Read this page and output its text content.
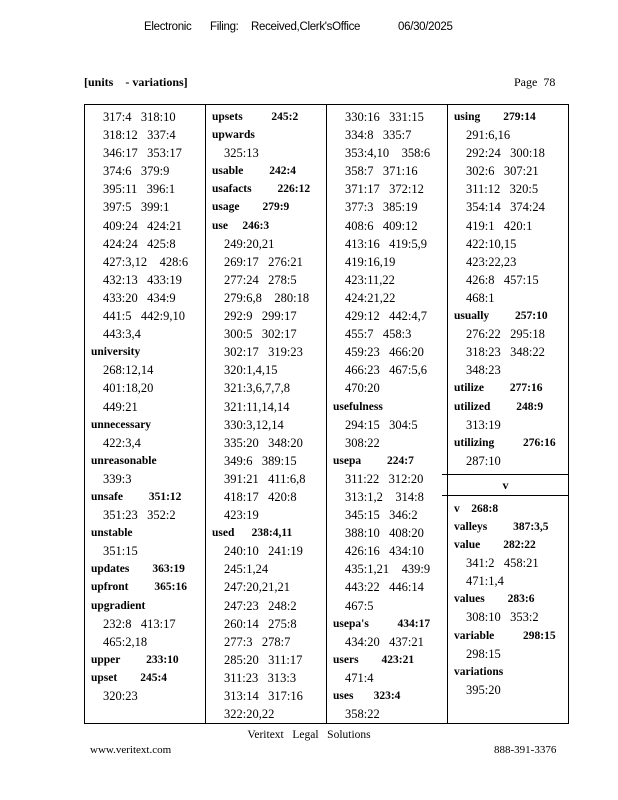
Electronic Filing: Received,Clerk'sOffice	06/30/2025
[units    - variations]	Page  78
317:4   318:10
318:12   337:4
346:17   353:17
374:6   379:9
395:11   396:1
397:5   399:1
409:24   424:21
424:24   425:8
427:3,12    428:6
432:13   433:19
433:20   434:9
441:5   442:9,10
443:3,4
university
268:12,14
401:18,20
449:21
unnecessary
422:3,4
unreasonable
339:3
unsafe         351:12
351:23   352:2
unstable
351:15
updates        363:19
upfront         365:16
upgradient
232:8   413:17
465:2,18
upper         233:10
upset        245:4
320:23
upsets          245:2
upwards
325:13
usable         242:4
usafacts         226:12
usage        279:9
use     246:3
249:20,21
269:17   276:21
277:24   278:5
279:6,8    280:18
292:9   299:17
300:5   302:17
302:17   319:23
320:1,4,15
321:3,6,7,7,8
321:11,14,14
330:3,12,14
335:20   348:20
349:6   389:15
391:21   411:6,8
418:17   420:8
423:19
used      238:4,11
240:10   241:19
245:1,24
247:20,21,21
247:23   248:2
260:14   275:8
277:3   278:7
285:20   311:17
311:23   313:3
313:14   317:16
322:20,22
330:16   331:15
334:8   335:7
353:4,10    358:6
358:7   371:16
371:17   372:12
377:3   385:19
408:6   409:12
413:16   419:5,9
419:16,19
423:11,22
424:21,22
429:12   442:4,7
455:7   458:3
459:23   466:20
466:23   467:5,6
470:20
usefulness
294:15   304:5
308:22
usepa         224:7
311:22   312:20
313:1,2    314:8
345:15   346:2
388:10   408:20
426:16   434:10
435:1,21    439:9
443:22   446:14
467:5
usepa's          434:17
434:20   437:21
users        423:21
471:4
uses       323:4
358:22
using        279:14
291:6,16
292:24   300:18
302:6   307:21
311:12   320:5
354:14   374:24
419:1   420:1
422:10,15
423:22,23
426:8   457:15
468:1
usually         257:10
276:22   295:18
318:23   348:22
348:23
utilize         277:16
utilized         248:9
313:19
utilizing          276:16
287:10
v
v    268:8
valleys         387:3,5
value        282:22
341:2   458:21
471:1,4
values        283:6
308:10   353:2
variable          298:15
298:15
variations
395:20
Veritext   Legal   Solutions
www.veritext.com	888-391-3376
